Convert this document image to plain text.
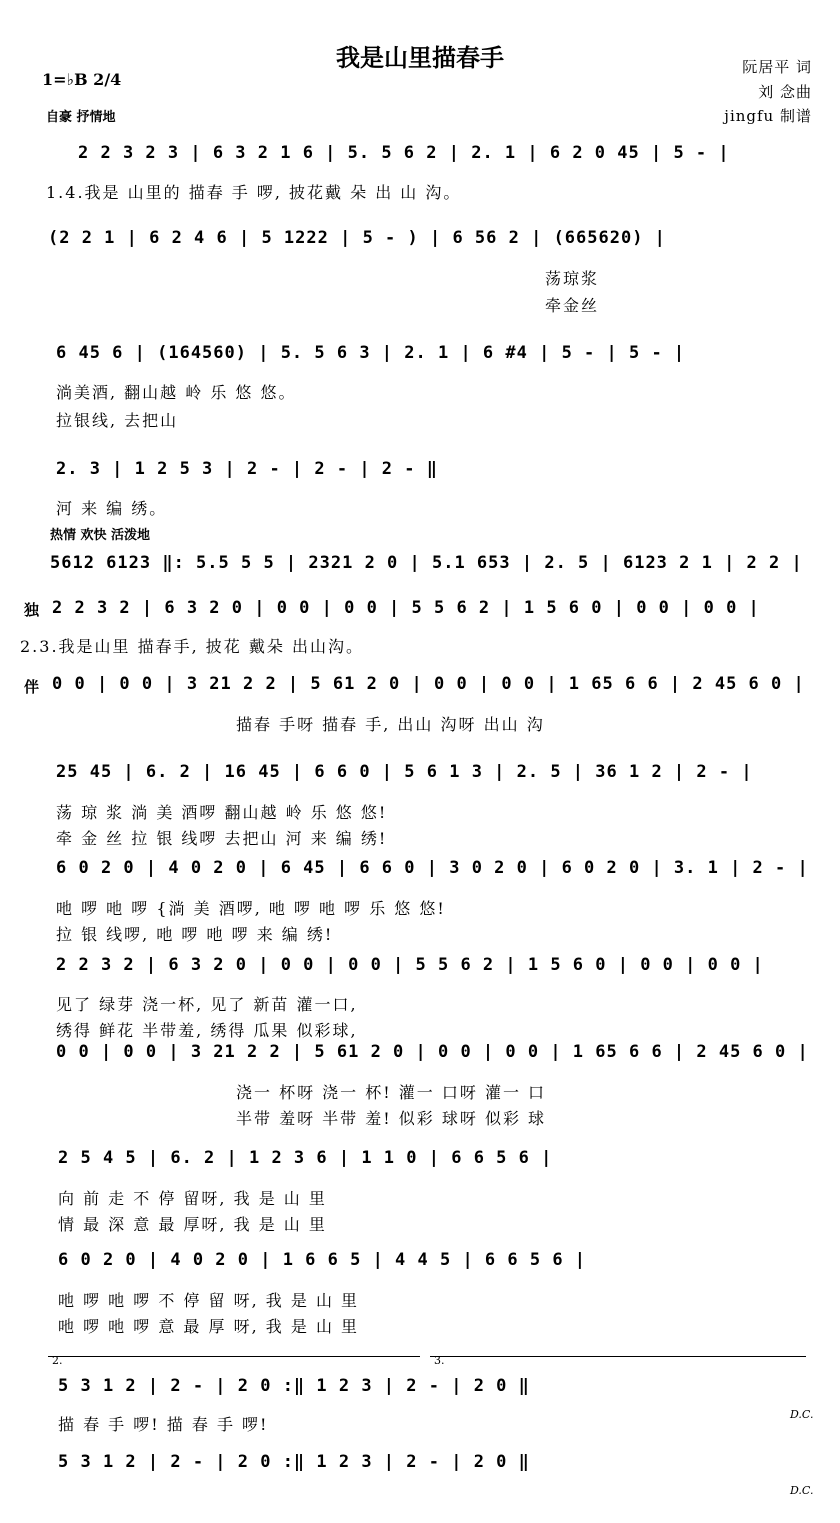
我是山里描春手	阮居平 词
刘 念曲
jingfu 制谱
1=♭B 2/4
自豪 抒情地
2 2 3 2 3 | 6 3 2 1 6 | 5. 5 6 2 | 2. 1 | 6 2 0 45 | 5 - |
1.4.我是 山里的 描春 手 啰, 披花戴 朵 出 山 沟。
(2 2 1 | 6 2 4 6 | 5 1222 | 5 - ) | 6 56 2 | (665620) |
荡琼浆
牵金丝
6 45 6 | (164560) | 5. 5 6 3 | 2. 1 | 6 #4 | 5 - | 5 - |
淌美酒, 翻山越 岭 乐 悠 悠。
拉银线, 去把山
2. 3 | 1 2 5 3 | 2 - | 2 - | 2 - ‖
河 来 编 绣。
热情 欢快 活泼地
5612 6123 ‖: 5.5 5 5 | 2321 2 0 | 5.1 653 | 2. 5 | 6123 2 1 | 2 2 |
独 2 2 3 2 | 6 3 2 0 | 0 0 | 0 0 | 5 5 6 2 | 1 5 6 0 | 0 0 | 0 0 |
2.3.我是山里 描春手, 披花 戴朵 出山沟。
伴 0 0 | 0 0 | 3 21 2 2 | 5 61 2 0 | 0 0 | 0 0 | 1 65 6 6 | 2 45 6 0 |
描春 手呀 描春 手, 出山 沟呀 出山 沟
25 45 | 6. 2 | 16 45 | 6 6 0 | 5 6 1 3 | 2. 5 | 36 1 2 | 2 - |
荡 琼 浆 淌 美 酒啰 翻山越 岭 乐 悠 悠!
牵 金 丝 拉 银 线啰 去把山 河 来 编 绣!
6 0 2 0 | 4 0 2 0 | 6 45 | 6 6 0 | 3 0 2 0 | 6 0 2 0 | 3. 1 | 2 - |
吔 啰 吔 啰 {淌 美 酒啰, 吔 啰 吔 啰 乐 悠 悠!
拉 银 线啰, 吔 啰 吔 啰 来 编 绣!
2 2 3 2 | 6 3 2 0 | 0 0 | 0 0 | 5 5 6 2 | 1 5 6 0 | 0 0 | 0 0 |
见了 绿芽 浇一杯, 见了 新苗 灌一口,
绣得 鲜花 半带羞, 绣得 瓜果 似彩球,
0 0 | 0 0 | 3 21 2 2 | 5 61 2 0 | 0 0 | 0 0 | 1 65 6 6 | 2 45 6 0 |
浇一 杯呀 浇一 杯! 灌一 口呀 灌一 口
半带 羞呀 半带 羞! 似彩 球呀 似彩 球
2 5 4 5 | 6. 2 | 1 2 3 6 | 1 1 0 | 6 6 5 6 |
向 前 走 不 停 留呀, 我 是 山 里
情 最 深 意 最 厚呀, 我 是 山 里
6 0 2 0 | 4 0 2 0 | 1 6 6 5 | 4 4 5 | 6 6 5 6 |
吔 啰 吔 啰 不 停 留 呀, 我 是 山 里
吔 啰 吔 啰 意 最 厚 呀, 我 是 山 里
2.	3.
5 3 1 2 | 2 - | 2 0 :‖ 1 2 3 | 2 - | 2 0 ‖
描 春 手 啰! 描 春 手 啰!
D.C.
5 3 1 2 | 2 - | 2 0 :‖ 1 2 3 | 2 - | 2 0 ‖
D.C.
